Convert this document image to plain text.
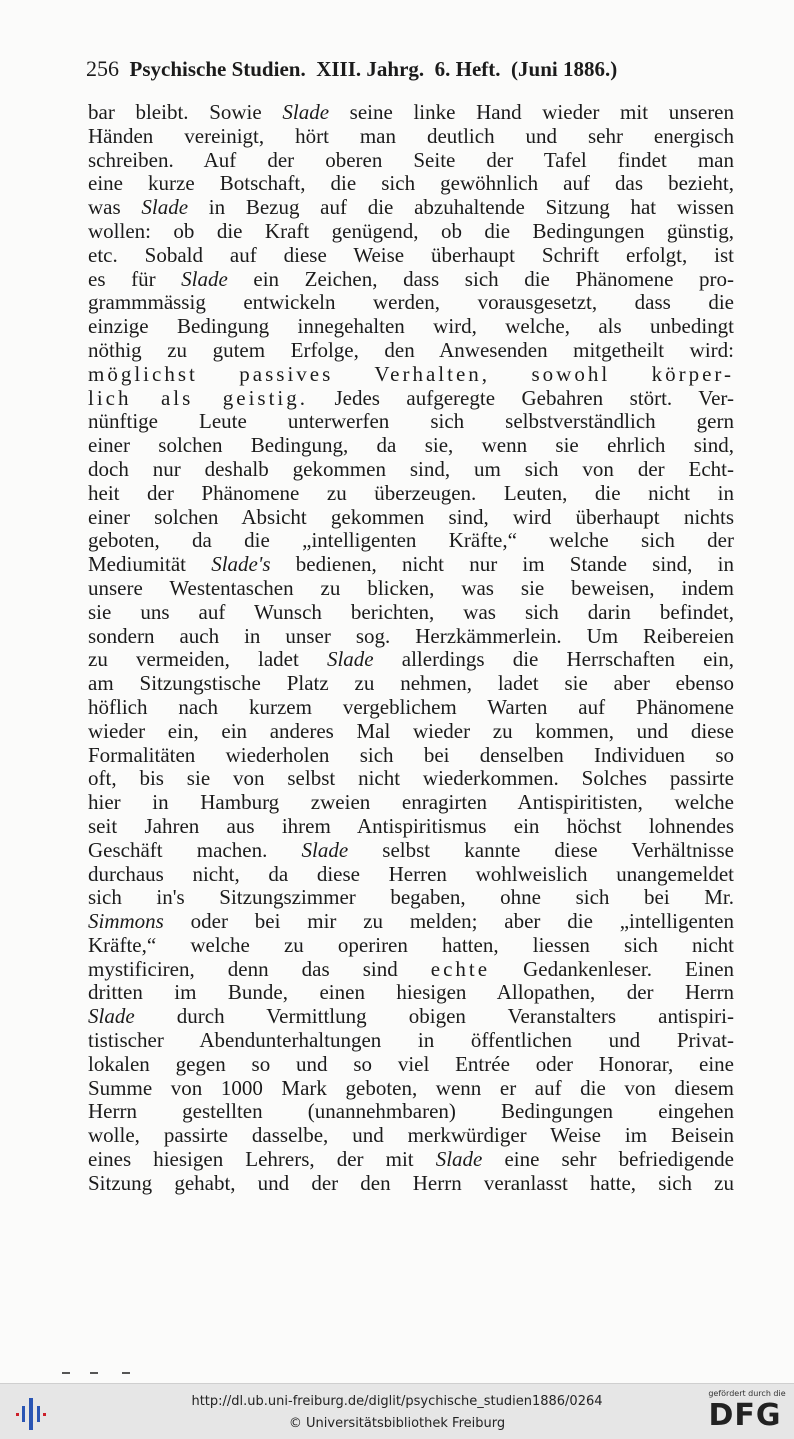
256 Psychische Studien. XIII. Jahrg. 6. Heft. (Juni 1886.)
bar bleibt. Sowie Slade seine linke Hand wieder mit unseren
Händen vereinigt, hört man deutlich und sehr energisch
schreiben. Auf der oberen Seite der Tafel findet man
eine kurze Botschaft, die sich gewöhnlich auf das bezieht,
was Slade in Bezug auf die abzuhaltende Sitzung hat wissen
wollen: ob die Kraft genügend, ob die Bedingungen günstig,
etc. Sobald auf diese Weise überhaupt Schrift erfolgt, ist
es für Slade ein Zeichen, dass sich die Phänomene pro-
grammmässig entwickeln werden, vorausgesetzt, dass die
einzige Bedingung innegehalten wird, welche, als unbedingt
nöthig zu gutem Erfolge, den Anwesenden mitgetheilt wird:
möglichst passives Verhalten, sowohl körper-
lich als geistig. Jedes aufgeregte Gebahren stört. Ver-
nünftige Leute unterwerfen sich selbstverständlich gern
einer solchen Bedingung, da sie, wenn sie ehrlich sind,
doch nur deshalb gekommen sind, um sich von der Echt-
heit der Phänomene zu überzeugen. Leuten, die nicht in
einer solchen Absicht gekommen sind, wird überhaupt nichts
geboten, da die „intelligenten Kräfte,“ welche sich der
Mediumität Slade's bedienen, nicht nur im Stande sind, in
unsere Westentaschen zu blicken, was sie beweisen, indem
sie uns auf Wunsch berichten, was sich darin befindet,
sondern auch in unser sog. Herzkämmerlein. Um Reibereien
zu vermeiden, ladet Slade allerdings die Herrschaften ein,
am Sitzungstische Platz zu nehmen, ladet sie aber ebenso
höflich nach kurzem vergeblichem Warten auf Phänomene
wieder ein, ein anderes Mal wieder zu kommen, und diese
Formalitäten wiederholen sich bei denselben Individuen so
oft, bis sie von selbst nicht wiederkommen. Solches passirte
hier in Hamburg zweien enragirten Antispiritisten, welche
seit Jahren aus ihrem Antispiritismus ein höchst lohnendes
Geschäft machen. Slade selbst kannte diese Verhältnisse
durchaus nicht, da diese Herren wohlweislich unangemeldet
sich in's Sitzungszimmer begaben, ohne sich bei Mr.
Simmons oder bei mir zu melden; aber die „intelligenten
Kräfte,“ welche zu operiren hatten, liessen sich nicht
mystificiren, denn das sind echte Gedankenleser. Einen
dritten im Bunde, einen hiesigen Allopathen, der Herrn
Slade durch Vermittlung obigen Veranstalters antispiri-
tistischer Abendunterhaltungen in öffentlichen und Privat-
lokalen gegen so und so viel Entrée oder Honorar, eine
Summe von 1000 Mark geboten, wenn er auf die von diesem
Herrn gestellten (unannehmbaren) Bedingungen eingehen
wolle, passirte dasselbe, und merkwürdiger Weise im Beisein
eines hiesigen Lehrers, der mit Slade eine sehr befriedigende
Sitzung gehabt, und der den Herrn veranlasst hatte, sich zu
http://dl.ub.uni-freiburg.de/diglit/psychische_studien1886/0264
© Universitätsbibliothek Freiburg
gefördert durch die
DFG
